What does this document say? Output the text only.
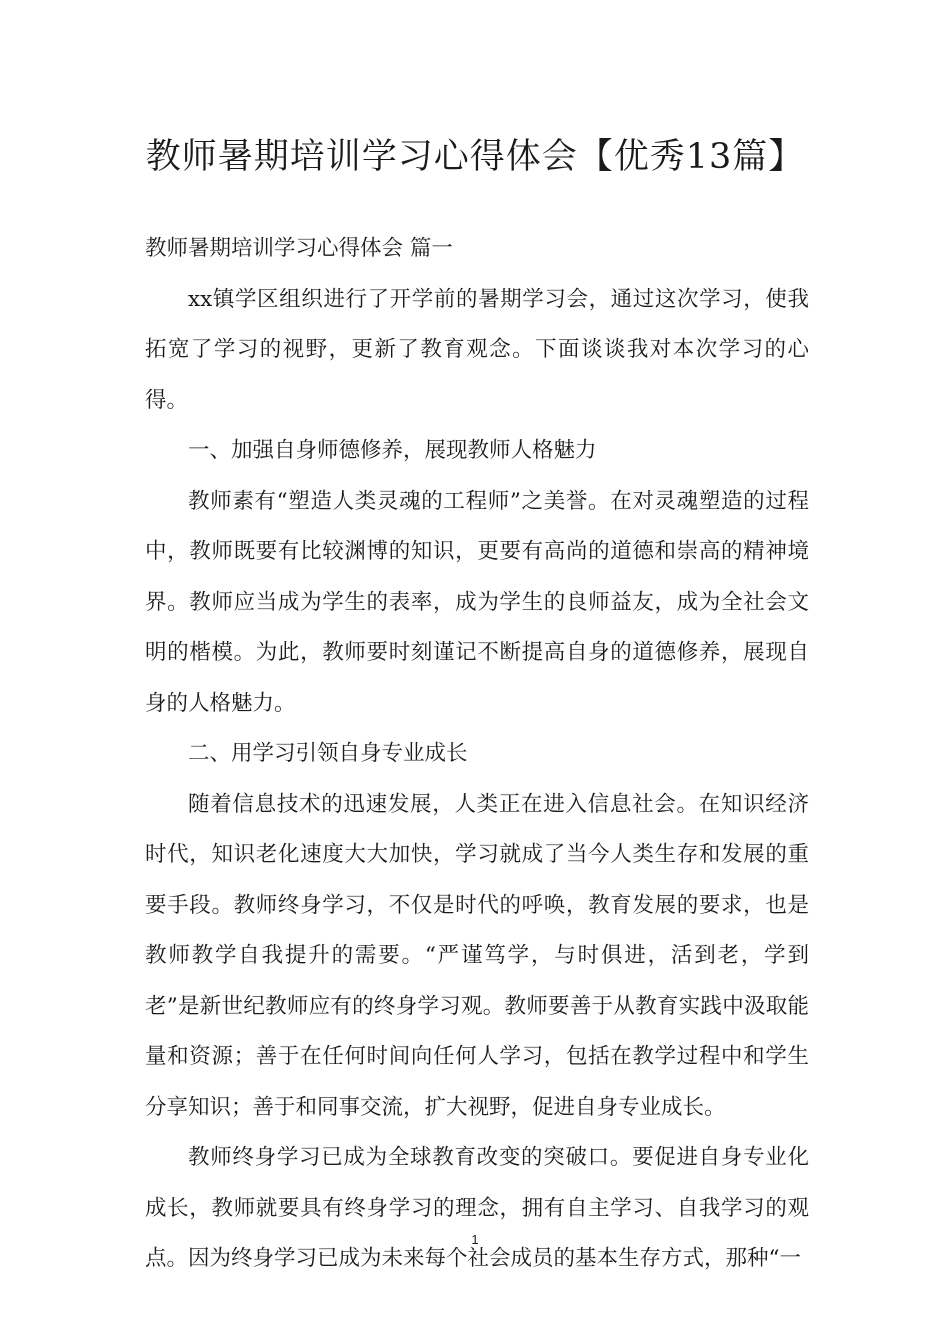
教师暑期培训学习心得体会【优秀13篇】

教师暑期培训学习心得体会 篇一

xx镇学区组织进行了开学前的暑期学习会，通过这次学习，使我拓宽了学习的视野，更新了教育观念。下面谈谈我对本次学习的心得。

一、加强自身师德修养，展现教师人格魅力

教师素有“塑造人类灵魂的工程师”之美誉。在对灵魂塑造的过程中，教师既要有比较渊博的知识，更要有高尚的道德和崇高的精神境界。教师应当成为学生的表率，成为学生的良师益友，成为全社会文明的楷模。为此，教师要时刻谨记不断提高自身的道德修养，展现自身的人格魅力。

二、用学习引领自身专业成长

随着信息技术的迅速发展，人类正在进入信息社会。在知识经济时代，知识老化速度大大加快，学习就成了当今人类生存和发展的重要手段。教师终身学习，不仅是时代的呼唤，教育发展的要求，也是教师教学自我提升的需要。“严谨笃学，与时俱进，活到老，学到老”是新世纪教师应有的终身学习观。教师要善于从教育实践中汲取能量和资源；善于在任何时间向任何人学习，包括在教学过程中和学生分享知识；善于和同事交流，扩大视野，促进自身专业成长。

教师终身学习已成为全球教育改变的突破口。要促进自身专业化成长，教师就要具有终身学习的理念，拥有自主学习、自我学习的观点。因为终身学习已成为未来每个社会成员的基本生存方式，那种“一

1
